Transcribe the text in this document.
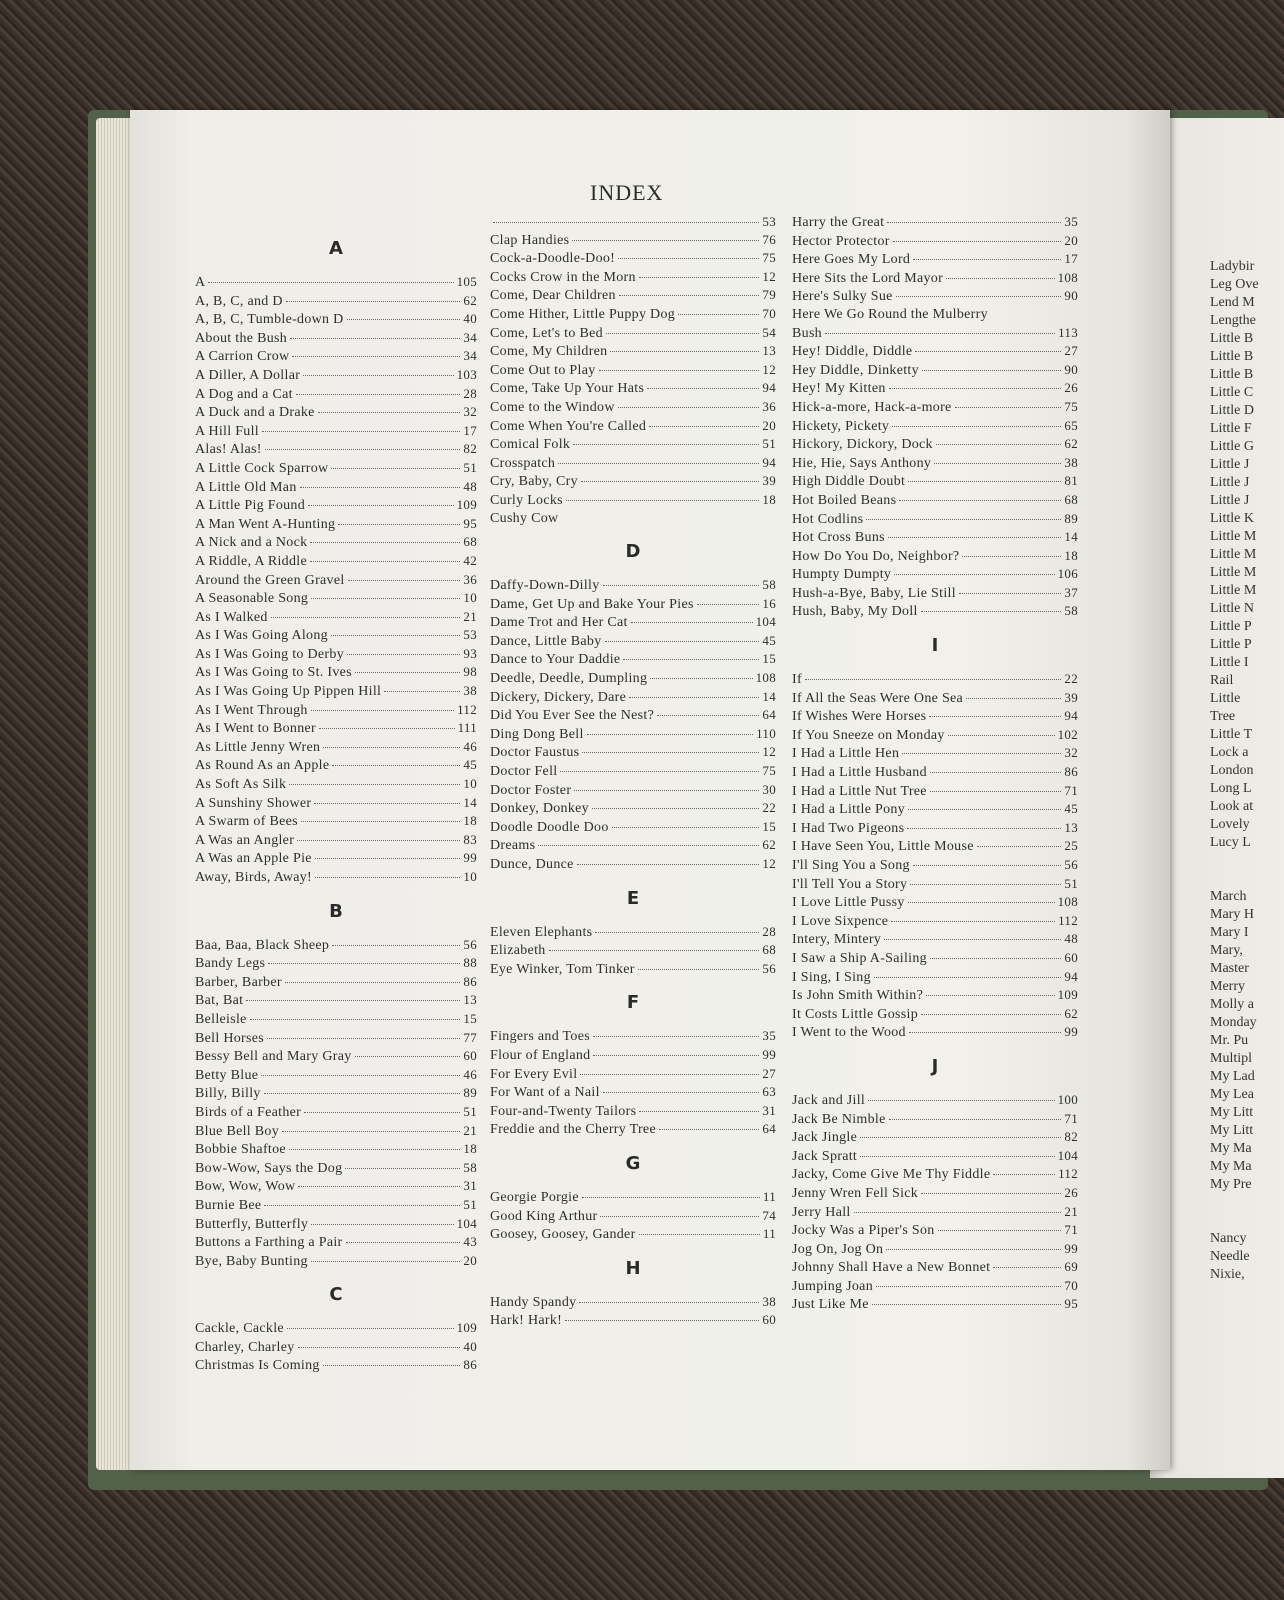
Ladybir
Leg Ove
Lend M
Lengthe
Little B
Little B
Little B
Little C
Little D
Little F
Little G
Little J
Little J
Little J
Little K
Little M
Little M
Little M
Little M
Little N
Little P
Little P
Little I
Rail
Little
Tree
Little T
Lock a
London
Long L
Look at
Lovely
Lucy L

March
Mary H
Mary I
Mary,
Master
Merry
Molly a
Monday
Mr. Pu
Multipl
My Lad
My Lea
My Litt
My Litt
My Ma
My Ma
My Pre

Nancy
Needle
Nixie,
INDEX
A
A	105
A, B, C, and D	62
A, B, C, Tumble-down D	40
About the Bush	34
A Carrion Crow	34
A Diller, A Dollar	103
A Dog and a Cat	28
A Duck and a Drake	32
A Hill Full	17
Alas! Alas!	82
A Little Cock Sparrow	51
A Little Old Man	48
A Little Pig Found	109
A Man Went A-Hunting	95
A Nick and a Nock	68
A Riddle, A Riddle	42
Around the Green Gravel	36
A Seasonable Song	10
As I Walked	21
As I Was Going Along	53
As I Was Going to Derby	93
As I Was Going to St. Ives	98
As I Was Going Up Pippen Hill	38
As I Went Through	112
As I Went to Bonner	111
As Little Jenny Wren	46
As Round As an Apple	45
As Soft As Silk	10
A Sunshiny Shower	14
A Swarm of Bees	18
A Was an Angler	83
A Was an Apple Pie	99
Away, Birds, Away!	10
B
Baa, Baa, Black Sheep	56
Bandy Legs	88
Barber, Barber	86
Bat, Bat	13
Belleisle	15
Bell Horses	77
Bessy Bell and Mary Gray	60
Betty Blue	46
Billy, Billy	89
Birds of a Feather	51
Blue Bell Boy	21
Bobbie Shaftoe	18
Bow-Wow, Says the Dog	58
Bow, Wow, Wow	31
Burnie Bee	51
Butterfly, Butterfly	104
Buttons a Farthing a Pair	43
Bye, Baby Bunting	20
C
Cackle, Cackle	109
Charley, Charley	40
Christmas Is Coming	86
53
Clap Handies	76
Cock-a-Doodle-Doo!	75
Cocks Crow in the Morn	12
Come, Dear Children	79
Come Hither, Little Puppy Dog	70
Come, Let's to Bed	54
Come, My Children	13
Come Out to Play	12
Come, Take Up Your Hats	94
Come to the Window	36
Come When You're Called	20
Comical Folk	51
Crosspatch	94
Cry, Baby, Cry	39
Curly Locks	18
Cushy Cow
D
Daffy-Down-Dilly	58
Dame, Get Up and Bake Your Pies	16
Dame Trot and Her Cat	104
Dance, Little Baby	45
Dance to Your Daddie	15
Deedle, Deedle, Dumpling	108
Dickery, Dickery, Dare	14
Did You Ever See the Nest?	64
Ding Dong Bell	110
Doctor Faustus	12
Doctor Fell	75
Doctor Foster	30
Donkey, Donkey	22
Doodle Doodle Doo	15
Dreams	62
Dunce, Dunce	12
E
Eleven Elephants	28
Elizabeth	68
Eye Winker, Tom Tinker	56
F
Fingers and Toes	35
Flour of England	99
For Every Evil	27
For Want of a Nail	63
Four-and-Twenty Tailors	31
Freddie and the Cherry Tree	64
G
Georgie Porgie	11
Good King Arthur	74
Goosey, Goosey, Gander	11
H
Handy Spandy	38
Hark! Hark!	60
Harry the Great	35
Hector Protector	20
Here Goes My Lord	17
Here Sits the Lord Mayor	108
Here's Sulky Sue	90
Here We Go Round the Mulberry
Bush	113
Hey! Diddle, Diddle	27
Hey Diddle, Dinketty	90
Hey! My Kitten	26
Hick-a-more, Hack-a-more	75
Hickety, Pickety	65
Hickory, Dickory, Dock	62
Hie, Hie, Says Anthony	38
High Diddle Doubt	81
Hot Boiled Beans	68
Hot Codlins	89
Hot Cross Buns	14
How Do You Do, Neighbor?	18
Humpty Dumpty	106
Hush-a-Bye, Baby, Lie Still	37
Hush, Baby, My Doll	58
I
If	22
If All the Seas Were One Sea	39
If Wishes Were Horses	94
If You Sneeze on Monday	102
I Had a Little Hen	32
I Had a Little Husband	86
I Had a Little Nut Tree	71
I Had a Little Pony	45
I Had Two Pigeons	13
I Have Seen You, Little Mouse	25
I'll Sing You a Song	56
I'll Tell You a Story	51
I Love Little Pussy	108
I Love Sixpence	112
Intery, Mintery	48
I Saw a Ship A-Sailing	60
I Sing, I Sing	94
Is John Smith Within?	109
It Costs Little Gossip	62
I Went to the Wood	99
J
Jack and Jill	100
Jack Be Nimble	71
Jack Jingle	82
Jack Spratt	104
Jacky, Come Give Me Thy Fiddle	112
Jenny Wren Fell Sick	26
Jerry Hall	21
Jocky Was a Piper's Son	71
Jog On, Jog On	99
Johnny Shall Have a New Bonnet	69
Jumping Joan	70
Just Like Me	95
